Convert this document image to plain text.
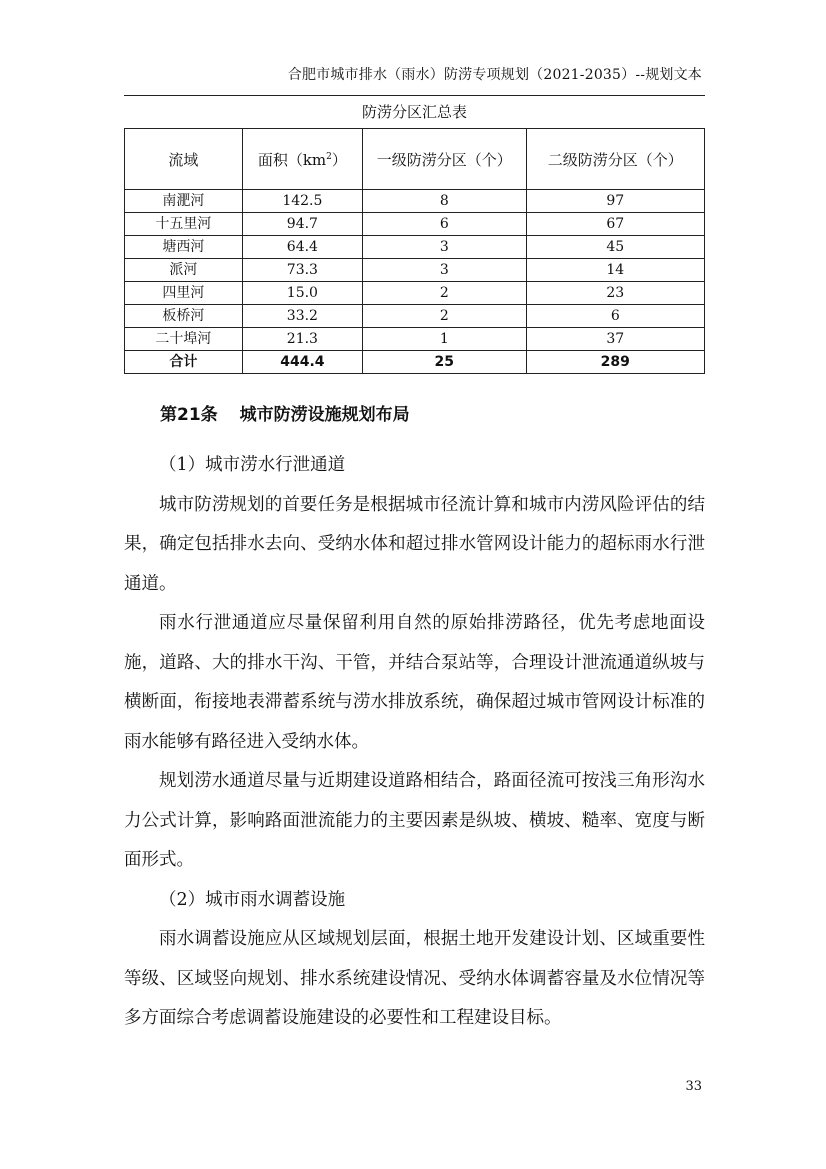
合肥市城市排水（雨水）防涝专项规划（2021-2035）--规划文本
防涝分区汇总表
流域	面积$(km^2)$	一级防涝分区（个）	二级防涝分区（个）
南淝河	142.5	8	97
十五里河	94.7	6	67
塘西河	64.4	3	45
派河	73.3	3	14
四里河	15.0	2	23
板桥河	33.2	2	6
二十埠河	21.3	1	37
合计	444.4	25	289
第21条 城市防涝设施规划布局

（1）城市涝水行泄通道

城市防涝规划的首要任务是根据城市径流计算和城市内涝风险评估的结果，确定包括排水去向、受纳水体和超过排水管网设计能力的超标雨水行泄通道。

雨水行泄通道应尽量保留利用自然的原始排涝路径，优先考虑地面设施，道路、大的排水干沟、干管，并结合泵站等，合理设计泄流通道纵坡与横断面，衔接地表滞蓄系统与涝水排放系统，确保超过城市管网设计标准的雨水能够有路径进入受纳水体。

规划涝水通道尽量与近期建设道路相结合，路面径流可按浅三角形沟水力公式计算，影响路面泄流能力的主要因素是纵坡、横坡、糙率、宽度与断面形式。

（2）城市雨水调蓄设施

雨水调蓄设施应从区域规划层面，根据土地开发建设计划、区域重要性等级、区域竖向规划、排水系统建设情况、受纳水体调蓄容量及水位情况等多方面综合考虑调蓄设施建设的必要性和工程建设目标。

33
